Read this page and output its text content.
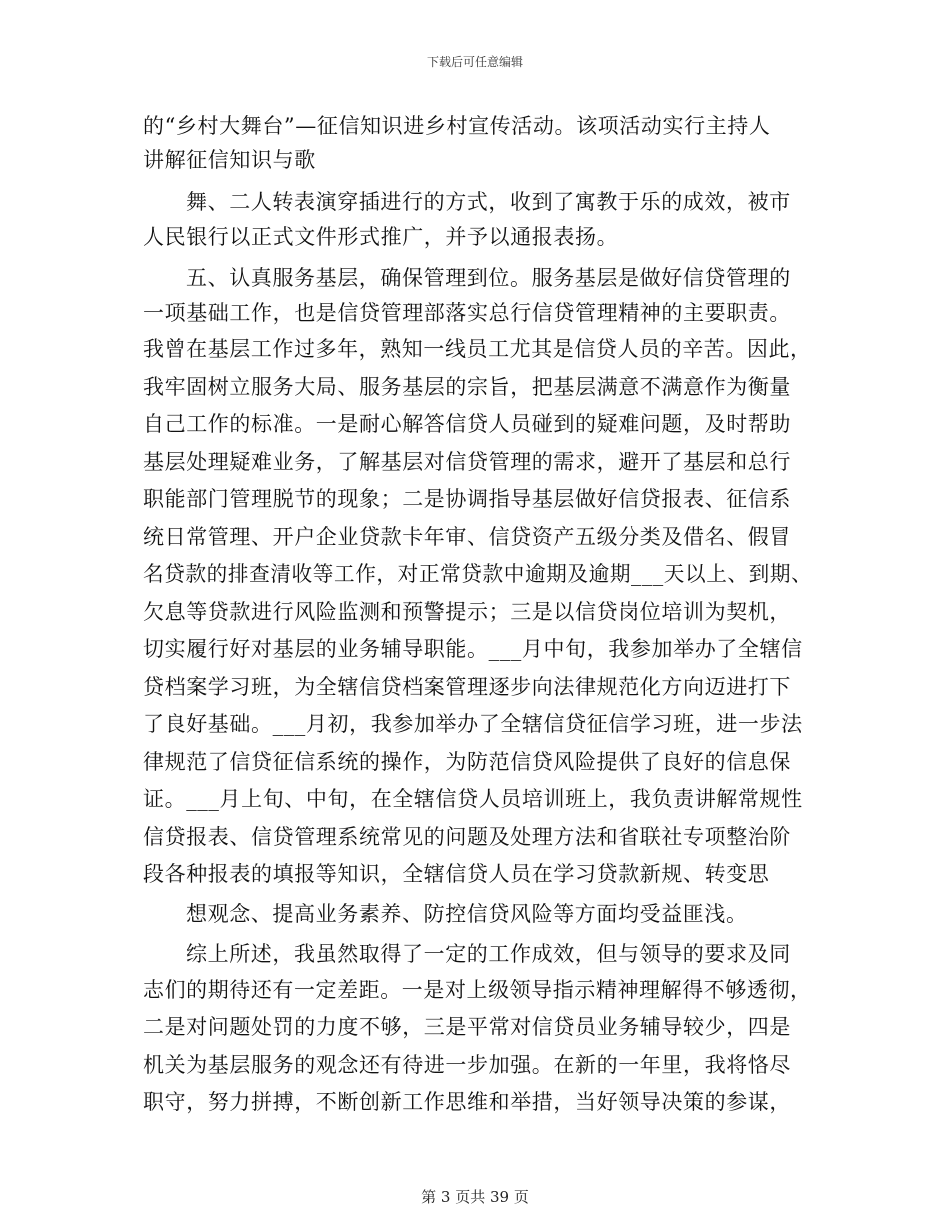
下载后可任意编辑
的“乡村大舞台”—征信知识进乡村宣传活动。该项活动实行主持人
讲解征信知识与歌
舞、二人转表演穿插进行的方式，收到了寓教于乐的成效，被市
人民银行以正式文件形式推广，并予以通报表扬。
五、认真服务基层，确保管理到位。服务基层是做好信贷管理的
一项基础工作，也是信贷管理部落实总行信贷管理精神的主要职责。
我曾在基层工作过多年，熟知一线员工尤其是信贷人员的辛苦。因此，
我牢固树立服务大局、服务基层的宗旨，把基层满意不满意作为衡量
自己工作的标准。一是耐心解答信贷人员碰到的疑难问题，及时帮助
基层处理疑难业务，了解基层对信贷管理的需求，避开了基层和总行
职能部门管理脱节的现象；二是协调指导基层做好信贷报表、征信系
统日常管理、开户企业贷款卡年审、信贷资产五级分类及借名、假冒
名贷款的排查清收等工作，对正常贷款中逾期及逾期___天以上、到期、
欠息等贷款进行风险监测和预警提示；三是以信贷岗位培训为契机，
切实履行好对基层的业务辅导职能。___月中旬，我参加举办了全辖信
贷档案学习班，为全辖信贷档案管理逐步向法律规范化方向迈进打下
了良好基础。___月初，我参加举办了全辖信贷征信学习班，进一步法
律规范了信贷征信系统的操作，为防范信贷风险提供了良好的信息保
证。___月上旬、中旬，在全辖信贷人员培训班上，我负责讲解常规性
信贷报表、信贷管理系统常见的问题及处理方法和省联社专项整治阶
段各种报表的填报等知识，全辖信贷人员在学习贷款新规、转变思
想观念、提高业务素养、防控信贷风险等方面均受益匪浅。
综上所述，我虽然取得了一定的工作成效，但与领导的要求及同
志们的期待还有一定差距。一是对上级领导指示精神理解得不够透彻，
二是对问题处罚的力度不够，三是平常对信贷员业务辅导较少，四是
机关为基层服务的观念还有待进一步加强。在新的一年里，我将恪尽
职守，努力拼搏，不断创新工作思维和举措，当好领导决策的参谋，
第 3 页共 39 页
